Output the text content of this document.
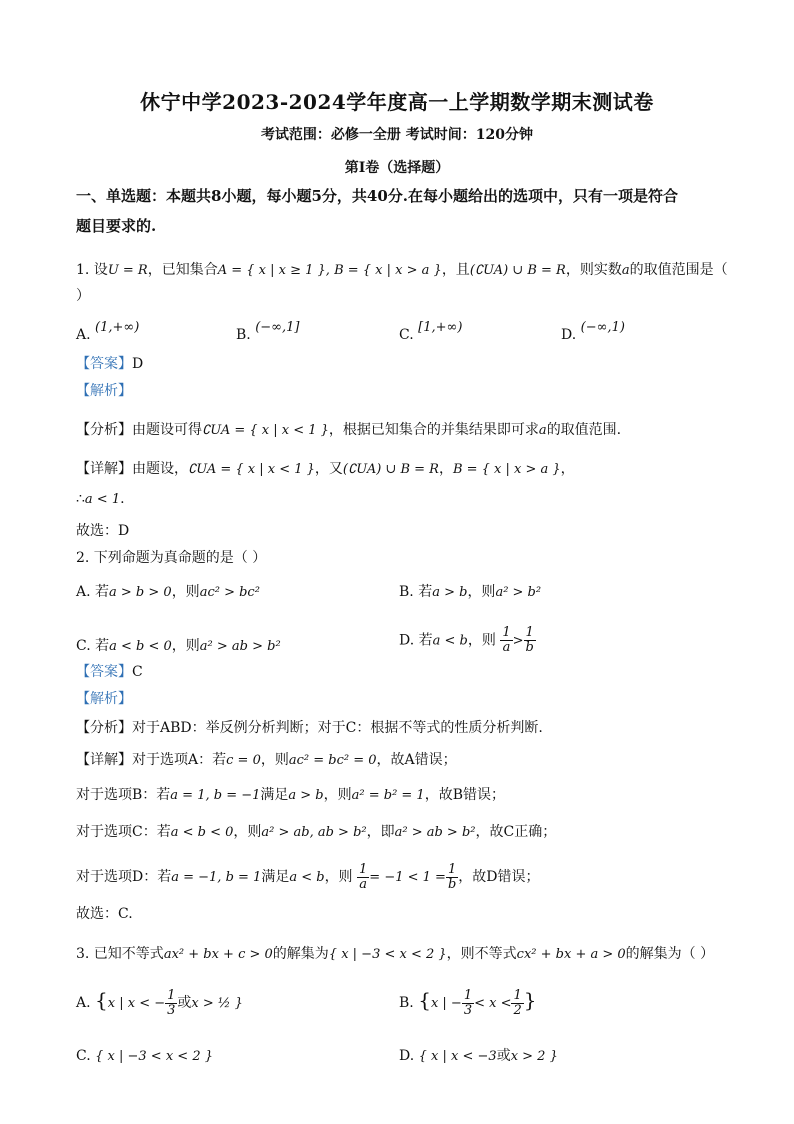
休宁中学2023-2024学年度高一上学期数学期末测试卷
考试范围：必修一全册 考试时间：120分钟
第I卷（选择题）
一、单选题：本题共8小题，每小题5分，共40分.在每小题给出的选项中，只有一项是符合
题目要求的.
1. 设U = R，已知集合A = { x | x ≥ 1 }, B = { x | x > a }，且(∁UA) ∪ B = R，则实数a的取值范围是（
）
A. (1,+∞)	B. (−∞,1]	C. [1,+∞)	D. (−∞,1)
【答案】D
【解析】
【分析】由题设可得∁UA = { x | x < 1 }，根据已知集合的并集结果即可求a的取值范围.
【详解】由题设，∁UA = { x | x < 1 }，又(∁UA) ∪ B = R，B = { x | x > a }，
∴a < 1.
故选：D
2. 下列命题为真命题的是（ ）
A. 若a > b > 0，则ac² > bc²	B. 若a > b，则a² > b²
C. 若a < b < 0，则a² > ab > b²	D. 若a < b，则 $\frac{1}{a} > \frac{1}{b}$
【答案】C
【解析】
【分析】对于ABD：举反例分析判断；对于C：根据不等式的性质分析判断.
【详解】对于选项A：若c = 0，则ac² = bc² = 0，故A错误；
对于选项B：若a = 1, b = −1满足a > b，则a² = b² = 1，故B错误；
对于选项C：若a < b < 0，则a² > ab, ab > b²，即a² > ab > b²，故C正确；
对于选项D：若a = −1, b = 1满足a < b，则 $\frac{1}{a} = -1 < 1 = \frac{1}{b}$ ，故D错误；
故选：C.
3. 已知不等式ax² + bx + c > 0的解集为{ x | −3 < x < 2 }，则不等式cx² + bx + a > 0的解集为（ ）
A. {x | x < − $\frac{1}{3}$ 或x > ½ }	B. {x | − $\frac{1}{3} < x < \frac{1}{2}$ }
C. { x | −3 < x < 2 }	D. { x | x < −3或x > 2 }
